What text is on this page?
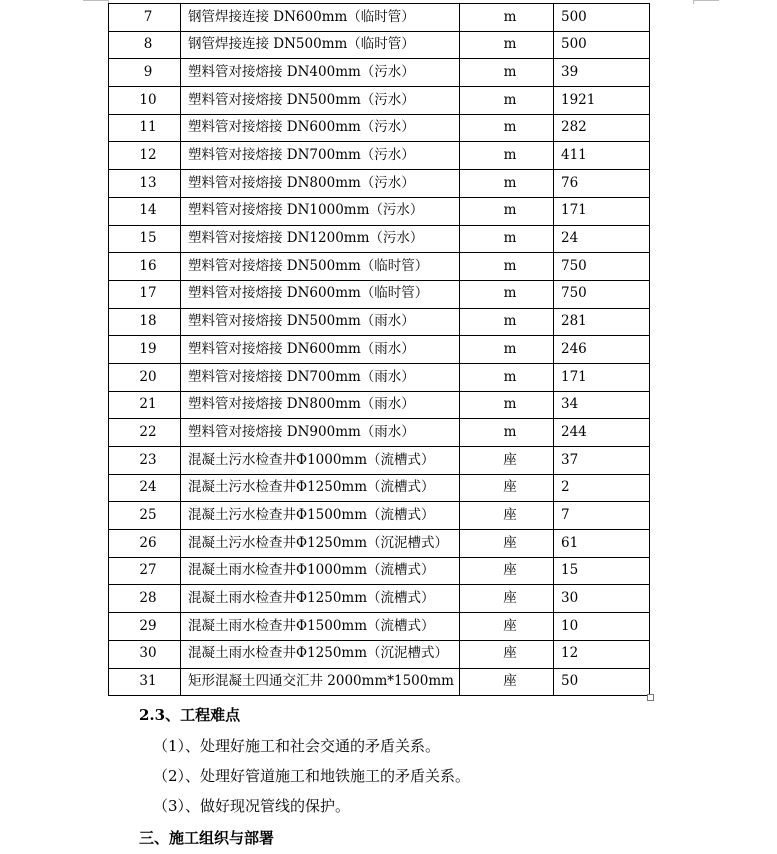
7	钢管焊接连接 DN600mm（临时管）	m	500
8	钢管焊接连接 DN500mm（临时管）	m	500
9	塑料管对接熔接 DN400mm（污水）	m	39
10	塑料管对接熔接 DN500mm（污水）	m	1921
11	塑料管对接熔接 DN600mm（污水）	m	282
12	塑料管对接熔接 DN700mm（污水）	m	411
13	塑料管对接熔接 DN800mm（污水）	m	76
14	塑料管对接熔接 DN1000mm（污水）	m	171
15	塑料管对接熔接 DN1200mm（污水）	m	24
16	塑料管对接熔接 DN500mm（临时管）	m	750
17	塑料管对接熔接 DN600mm（临时管）	m	750
18	塑料管对接熔接 DN500mm（雨水）	m	281
19	塑料管对接熔接 DN600mm（雨水）	m	246
20	塑料管对接熔接 DN700mm（雨水）	m	171
21	塑料管对接熔接 DN800mm（雨水）	m	34
22	塑料管对接熔接 DN900mm（雨水）	m	244
23	混凝土污水检查井Φ1000mm（流槽式）	座	37
24	混凝土污水检查井Φ1250mm（流槽式）	座	2
25	混凝土污水检查井Φ1500mm（流槽式）	座	7
26	混凝土污水检查井Φ1250mm（沉泥槽式）	座	61
27	混凝土雨水检查井Φ1000mm（流槽式）	座	15
28	混凝土雨水检查井Φ1250mm（流槽式）	座	30
29	混凝土雨水检查井Φ1500mm（流槽式）	座	10
30	混凝土雨水检查井Φ1250mm（沉泥槽式）	座	12
31	矩形混凝土四通交汇井 2000mm*1500mm	座	50
2.3、工程难点
（1）、处理好施工和社会交通的矛盾关系。
（2）、处理好管道施工和地铁施工的矛盾关系。
（3）、做好现况管线的保护。
三、施工组织与部署
